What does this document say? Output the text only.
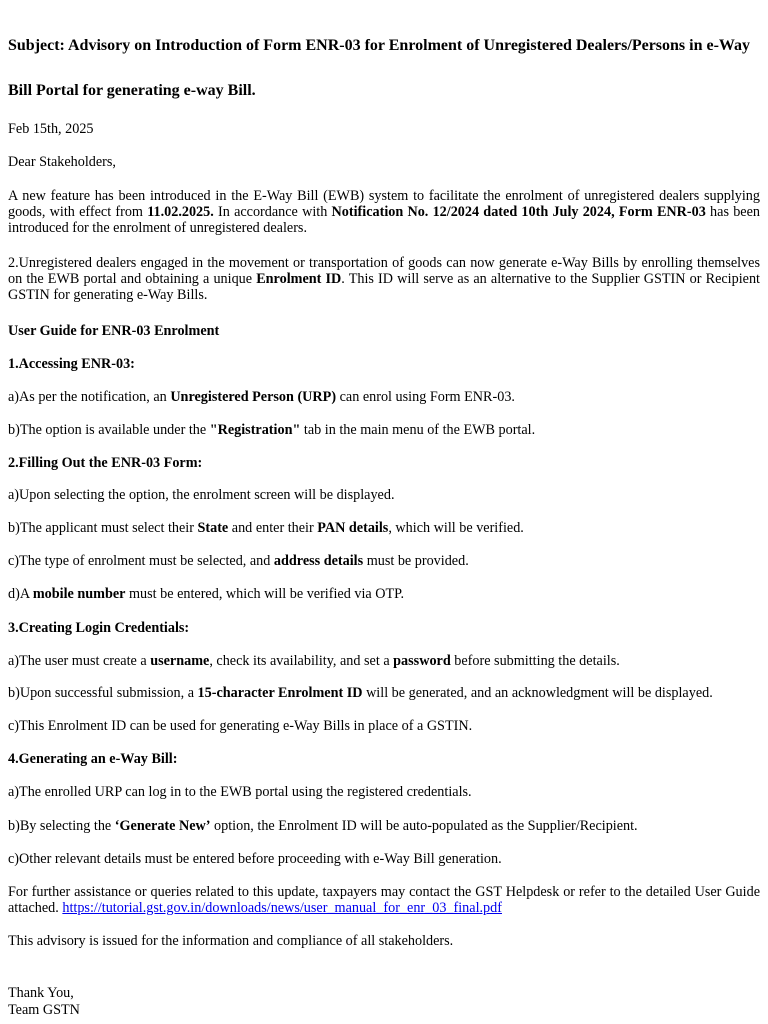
Subject: Advisory on Introduction of Form ENR-03 for Enrolment of Unregistered Dealers/Persons in e-Way Bill Portal for generating e-way Bill.

Feb 15th, 2025

Dear Stakeholders,

A new feature has been introduced in the E-Way Bill (EWB) system to facilitate the enrolment of unregistered dealers supplying goods, with effect from 11.02.2025. In accordance with Notification No. 12/2024 dated 10th July 2024, Form ENR-03 has been introduced for the enrolment of unregistered dealers.

2.Unregistered dealers engaged in the movement or transportation of goods can now generate e-Way Bills by enrolling themselves on the EWB portal and obtaining a unique Enrolment ID. This ID will serve as an alternative to the Supplier GSTIN or Recipient GSTIN for generating e-Way Bills.

User Guide for ENR-03 Enrolment

1.Accessing ENR-03:

a)As per the notification, an Unregistered Person (URP) can enrol using Form ENR-03.

b)The option is available under the "Registration" tab in the main menu of the EWB portal.

2.Filling Out the ENR-03 Form:

a)Upon selecting the option, the enrolment screen will be displayed.

b)The applicant must select their State and enter their PAN details, which will be verified.

c)The type of enrolment must be selected, and address details must be provided.

d)A mobile number must be entered, which will be verified via OTP.

3.Creating Login Credentials:

a)The user must create a username, check its availability, and set a password before submitting the details.

b)Upon successful submission, a 15-character Enrolment ID will be generated, and an acknowledgment will be displayed.

c)This Enrolment ID can be used for generating e-Way Bills in place of a GSTIN.

4.Generating an e-Way Bill:

a)The enrolled URP can log in to the EWB portal using the registered credentials.

b)By selecting the ‘Generate New’ option, the Enrolment ID will be auto-populated as the Supplier/Recipient.

c)Other relevant details must be entered before proceeding with e-Way Bill generation.

For further assistance or queries related to this update, taxpayers may contact the GST Helpdesk or refer to the detailed User Guide attached. https://tutorial.gst.gov.in/downloads/news/user_manual_for_enr_03_final.pdf

This advisory is issued for the information and compliance of all stakeholders.

Thank You,

Team GSTN
